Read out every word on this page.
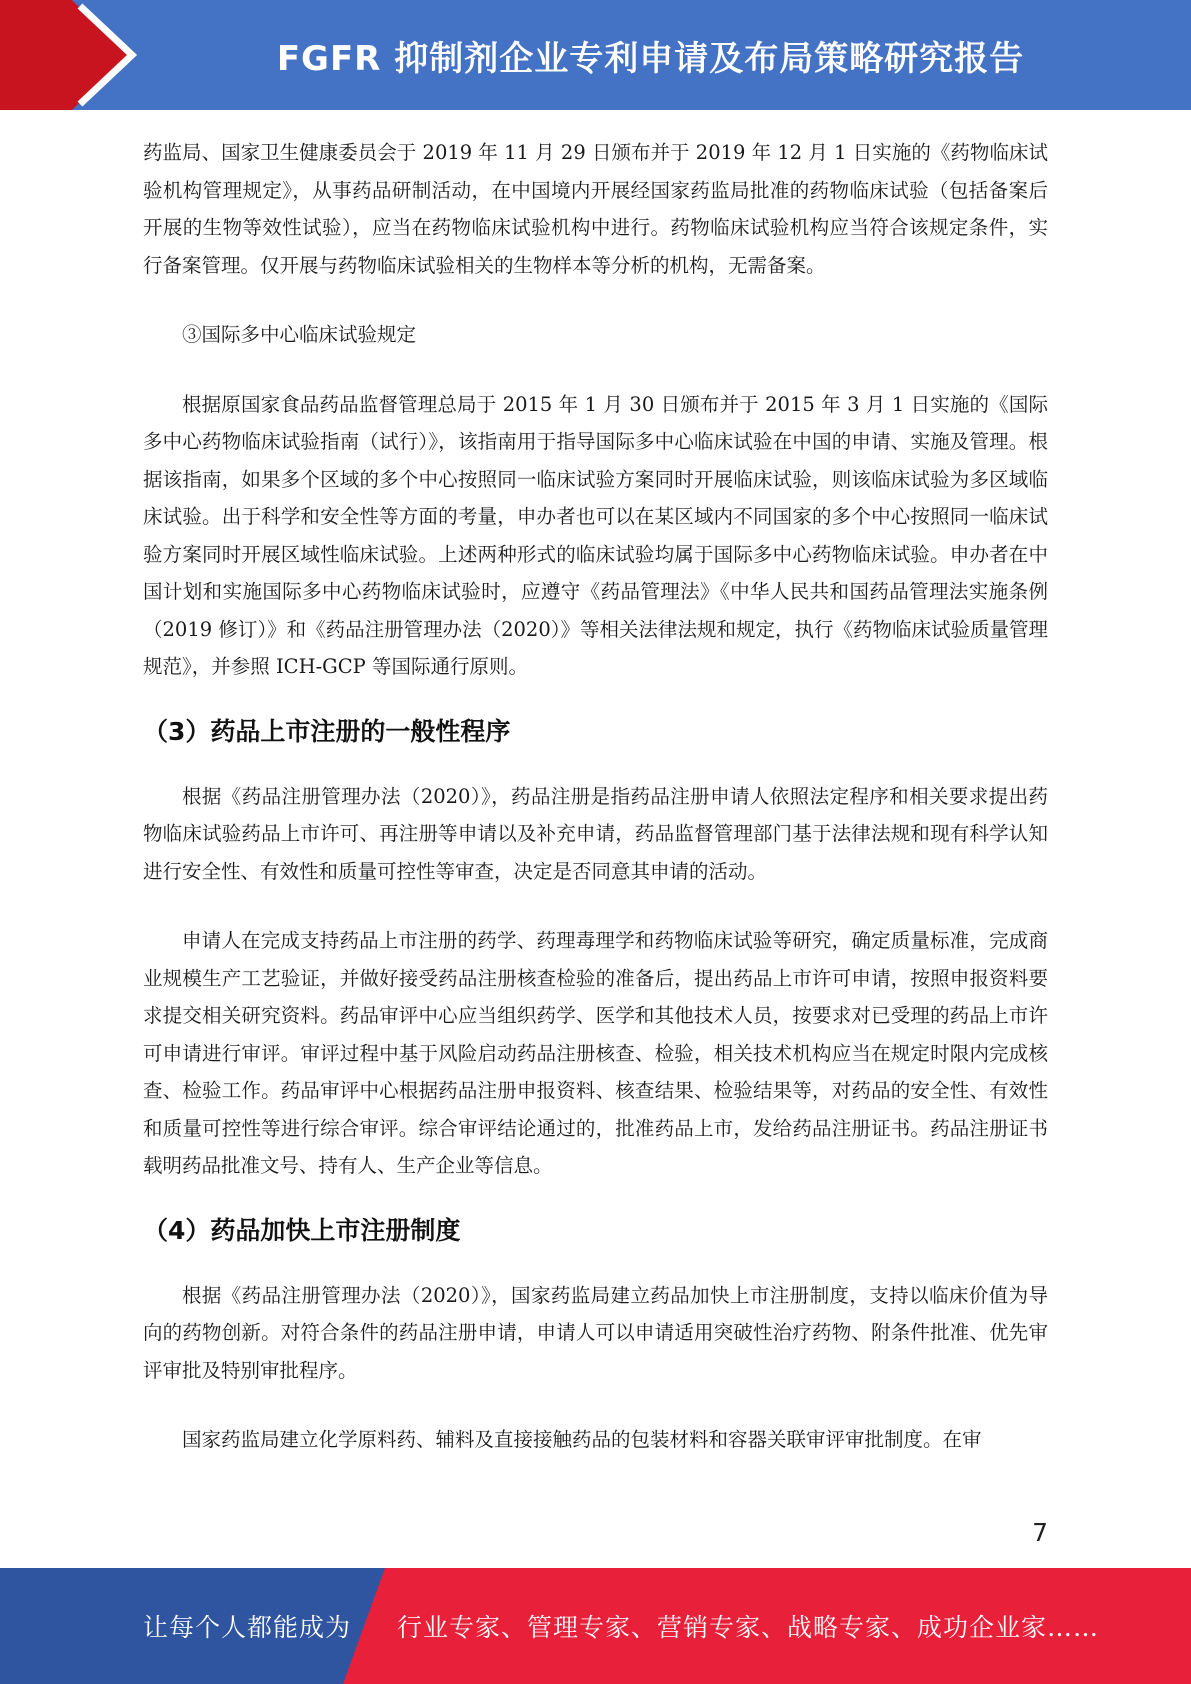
FGFR 抑制剂企业专利申请及布局策略研究报告

药监局、国家卫生健康委员会于 2019 年 11 月 29 日颁布并于 2019 年 12 月 1 日实施的《药物临床试验机构管理规定》，从事药品研制活动，在中国境内开展经国家药监局批准的药物临床试验（包括备案后开展的生物等效性试验），应当在药物临床试验机构中进行。药物临床试验机构应当符合该规定条件，实行备案管理。仅开展与药物临床试验相关的生物样本等分析的机构，无需备案。

③国际多中心临床试验规定

根据原国家食品药品监督管理总局于 2015 年 1 月 30 日颁布并于 2015 年 3 月 1 日实施的《国际多中心药物临床试验指南（试行）》，该指南用于指导国际多中心临床试验在中国的申请、实施及管理。根据该指南，如果多个区域的多个中心按照同一临床试验方案同时开展临床试验，则该临床试验为多区域临床试验。出于科学和安全性等方面的考量，申办者也可以在某区域内不同国家的多个中心按照同一临床试验方案同时开展区域性临床试验。上述两种形式的临床试验均属于国际多中心药物临床试验。申办者在中国计划和实施国际多中心药物临床试验时，应遵守《药品管理法》《中华人民共和国药品管理法实施条例（2019 修订）》和《药品注册管理办法（2020）》等相关法律法规和规定，执行《药物临床试验质量管理规范》，并参照 ICH-GCP 等国际通行原则。

（3）药品上市注册的一般性程序

根据《药品注册管理办法（2020）》，药品注册是指药品注册申请人依照法定程序和相关要求提出药物临床试验药品上市许可、再注册等申请以及补充申请，药品监督管理部门基于法律法规和现有科学认知进行安全性、有效性和质量可控性等审查，决定是否同意其申请的活动。

申请人在完成支持药品上市注册的药学、药理毒理学和药物临床试验等研究，确定质量标准，完成商业规模生产工艺验证，并做好接受药品注册核查检验的准备后，提出药品上市许可申请，按照申报资料要求提交相关研究资料。药品审评中心应当组织药学、医学和其他技术人员，按要求对已受理的药品上市许可申请进行审评。审评过程中基于风险启动药品注册核查、检验，相关技术机构应当在规定时限内完成核查、检验工作。药品审评中心根据药品注册申报资料、核查结果、检验结果等，对药品的安全性、有效性和质量可控性等进行综合审评。综合审评结论通过的，批准药品上市，发给药品注册证书。药品注册证书载明药品批准文号、持有人、生产企业等信息。

（4）药品加快上市注册制度

根据《药品注册管理办法（2020）》，国家药监局建立药品加快上市注册制度，支持以临床价值为导向的药物创新。对符合条件的药品注册申请，申请人可以申请适用突破性治疗药物、附条件批准、优先审评审批及特别审批程序。

国家药监局建立化学原料药、辅料及直接接触药品的包装材料和容器关联审评审批制度。在审

7
让每个人都能成为 行业专家、管理专家、营销专家、战略专家、成功企业家……
